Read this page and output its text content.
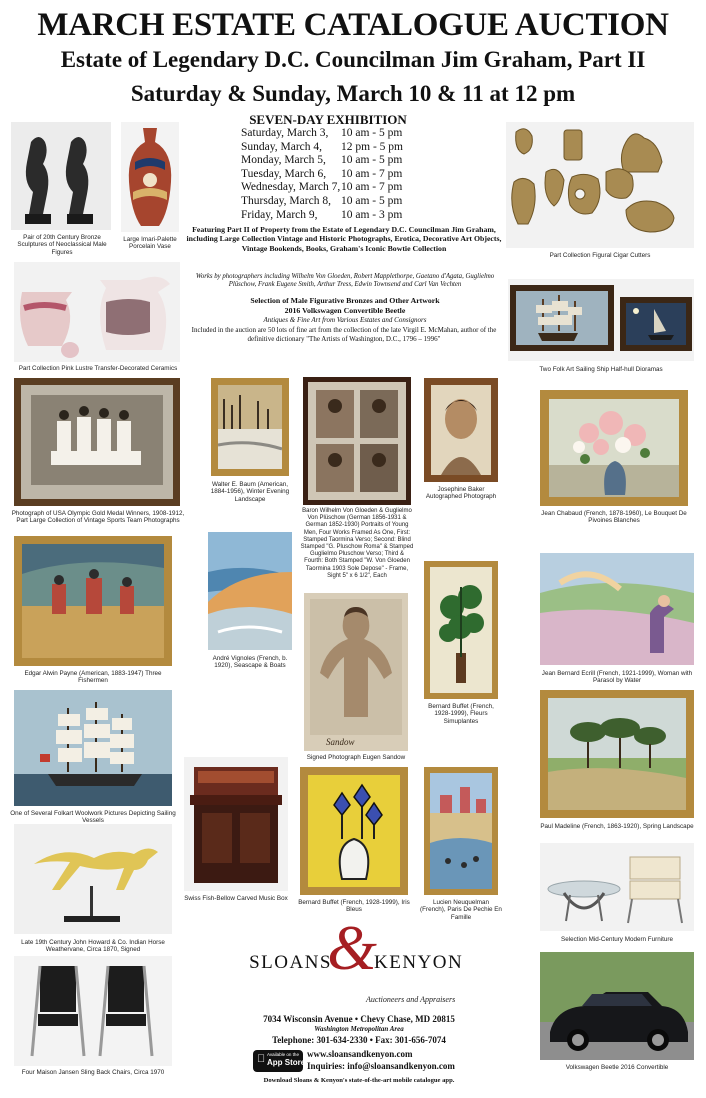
MARCH ESTATE CATALOGUE AUCTION
Estate of Legendary D.C. Councilman Jim Graham, Part II
Saturday & Sunday, March 10 & 11 at 12 pm
Pair of 20th Century Bronze Sculptures of Neoclassical Male Figures
Large Imari-Palette Porcelain Vase
SEVEN-DAY EXHIBITION
Saturday, March 3, 10 am - 5 pm
Sunday, March 4, 12 pm - 5 pm
Monday, March 5, 10 am - 5 pm
Tuesday, March 6, 10 am - 7 pm
Wednesday, March 7,10 am - 7 pm
Thursday, March 8, 10 am - 5 pm
Friday, March 9, 10 am - 3 pm
Featuring Part II of Property from the Estate of Legendary D.C. Councilman Jim Graham, including Large Collection Vintage and Historic Photographs, Erotica, Decorative Art Objects, Vintage Bookends, Books, Graham's Iconic Bowtie Collection
Works by photographers including Wilhelm Von Gloeden, Robert Mapplethorpe, Gaetano d'Agata, Guglielmo Plüschow, Frank Eugene Smith, Arthur Tress, Edwin Townsend and Carl Van Vechten
Selection of Male Figurative Bronzes and Other Artwork
2016 Volkswagen Convertible Beetle
Antiques & Fine Art from Various Estates and Consignors
Included in the auction are 50 lots of fine art from the collection of the late Virgil E. McMahan, author of the definitive dictionary "The Artists of Washington, D.C., 1796 – 1996"
Part Collection Figural Cigar Cutters
Part Collection Pink Lustre Transfer-Decorated Ceramics	Two Folk Art Sailing Ship Half-hull Dioramas
Photograph of USA Olympic Gold Medal Winners, 1908-1912, Part Large Collection of Vintage Sports Team Photographs
Walter E. Baum (American, 1884-1956), Winter Evening Landscape
Baron Wilhelm Von Gloeden & Guglielmo Von Plüschow (German 1856-1931 & German 1852-1930) Portraits of Young Men, Four Works Framed As One, First: Stamped Taormina Verso; Second: Blind Stamped "G. Pluschow Roma" & Stamped Guglielmo Pluschow Verso; Third & Fourth: Both Stamped "W. Von Gloeden Taormina 1903 Sole Depose" - Frame, Sight 5" x 6 1/2", Each
Josephine Baker Autographed Photograph
Jean Chabaud (French, 1878-1960), Le Bouquet De Pivoines Blanches
Edgar Alwin Payne (American, 1883-1947) Three Fishermen
André Vignoles (French, b. 1920), Seascape & Boats
Sandow
Signed Photograph Eugen Sandow
Bernard Buffet (French, 1928-1999), Fleurs Simuplantes
Jean Bernard Ecrill (French, 1921-1999), Woman with Parasol by Water
One of Several Folkart Woolwork Pictures Depicting Sailing Vessels
Paul Madeline (French, 1863-1920), Spring Landscape
Swiss Fish-Bellow Carved Music Box
Bernard Buffet (French, 1928-1999), Iris Bleus
Lucien Neuquelman (French), Paris De Pechie En Famille
Late 19th Century John Howard & Co. Indian Horse Weathervane, Circa 1870, Signed
Selection Mid-Century Modern Furniture
Four Maison Jansen Sling Back Chairs, Circa 1970
Volkswagen Beetle 2016 Convertible
SLOANS
&
KENYON
Auctioneers and Appraisers
7034 Wisconsin Avenue • Chevy Chase, MD 20815
Washington Metropolitan Area
Telephone: 301-634-2330 • Fax: 301-656-7074
Available on the
App Store
www.sloansandkenyon.com
Inquiries: info@sloansandkenyon.com
Download Sloans & Kenyon's state-of-the-art mobile catalogue app.
